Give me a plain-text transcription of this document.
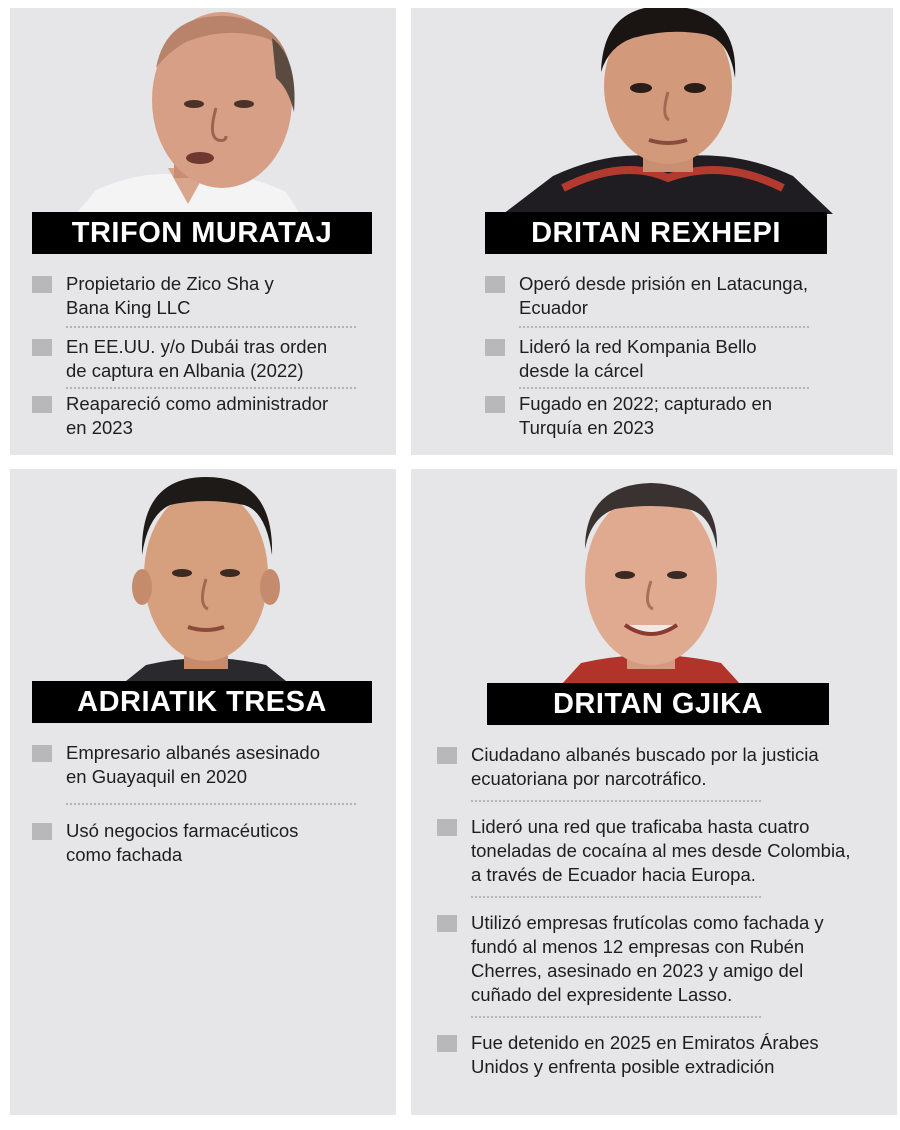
TRIFON MURATAJ
Propietario de Zico Sha y
Bana King LLC
En EE.UU. y/o Dubái tras orden
de captura en Albania (2022)
Reapareció como administrador
en 2023
DRITAN REXHEPI
Operó desde prisión en Latacunga,
Ecuador
Lideró la red Kompania Bello
desde la cárcel
Fugado en 2022; capturado en
Turquía en 2023
ADRIATIK TRESA
Empresario albanés asesinado
en Guayaquil en 2020
Usó negocios farmacéuticos
como fachada
DRITAN GJIKA
Ciudadano albanés buscado por la justicia
ecuatoriana por narcotráfico.
Lideró una red que traficaba hasta cuatro
toneladas de cocaína al mes desde Colombia,
a través de Ecuador hacia Europa.
Utilizó empresas frutícolas como fachada y
fundó al menos 12 empresas con Rubén
Cherres, asesinado en 2023 y amigo del
cuñado del expresidente Lasso.
Fue detenido en 2025 en Emiratos Árabes
Unidos y enfrenta posible extradición
